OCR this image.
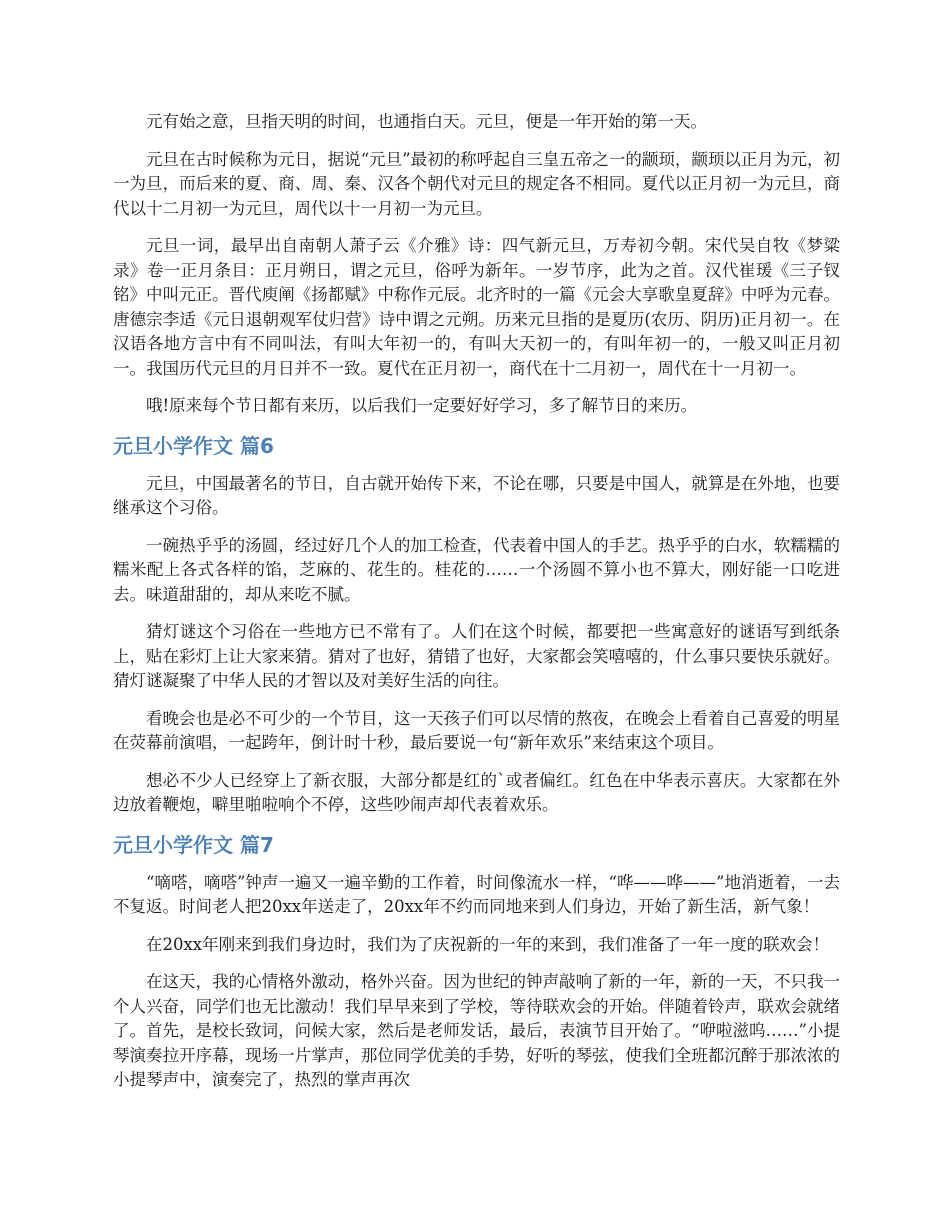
元有始之意，旦指天明的时间，也通指白天。元旦，便是一年开始的第一天。

元旦在古时候称为元日，据说“元旦”最初的称呼起自三皇五帝之一的颛顼，颛顼以正月为元，初一为旦，而后来的夏、商、周、秦、汉各个朝代对元旦的规定各不相同。夏代以正月初一为元旦，商代以十二月初一为元旦，周代以十一月初一为元旦。

元旦一词，最早出自南朝人萧子云《介雅》诗：四气新元旦，万寿初今朝。宋代吴自牧《梦粱录》卷一正月条目：正月朔日，谓之元旦，俗呼为新年。一岁节序，此为之首。汉代崔瑗《三子钗铭》中叫元正。晋代庾阐《扬都赋》中称作元辰。北齐时的一篇《元会大享歌皇夏辞》中呼为元春。唐德宗李适《元日退朝观军仗归营》诗中谓之元朔。历来元旦指的是夏历(农历、阴历)正月初一。在汉语各地方言中有不同叫法，有叫大年初一的，有叫大天初一的，有叫年初一的，一般又叫正月初一。我国历代元旦的月日并不一致。夏代在正月初一，商代在十二月初一，周代在十一月初一。

哦!原来每个节日都有来历，以后我们一定要好好学习，多了解节日的来历。

元旦小学作文 篇6

元旦，中国最著名的节日，自古就开始传下来，不论在哪，只要是中国人，就算是在外地，也要继承这个习俗。

一碗热乎乎的汤圆，经过好几个人的加工检查，代表着中国人的手艺。热乎乎的白水，软糯糯的糯米配上各式各样的馅，芝麻的、花生的。桂花的……一个汤圆不算小也不算大，刚好能一口吃进去。味道甜甜的，却从来吃不腻。

猜灯谜这个习俗在一些地方已不常有了。人们在这个时候，都要把一些寓意好的谜语写到纸条上，贴在彩灯上让大家来猜。猜对了也好，猜错了也好，大家都会笑嘻嘻的，什么事只要快乐就好。猜灯谜凝聚了中华人民的才智以及对美好生活的向往。

看晚会也是必不可少的一个节目，这一天孩子们可以尽情的熬夜，在晚会上看着自己喜爱的明星在荧幕前演唱，一起跨年，倒计时十秒，最后要说一句“新年欢乐”来结束这个项目。

想必不少人已经穿上了新衣服，大部分都是红的`或者偏红。红色在中华表示喜庆。大家都在外边放着鞭炮，噼里啪啦响个不停，这些吵闹声却代表着欢乐。

元旦小学作文 篇7

“嘀嗒，嘀嗒”钟声一遍又一遍辛勤的工作着，时间像流水一样，“哗——哗——”地消逝着，一去不复返。时间老人把20xx年送走了，20xx年不约而同地来到人们身边，开始了新生活，新气象！

在20xx年刚来到我们身边时，我们为了庆祝新的一年的来到，我们准备了一年一度的联欢会！

在这天，我的心情格外激动，格外兴奋。因为世纪的钟声敲响了新的一年，新的一天，不只我一个人兴奋，同学们也无比激动！我们早早来到了学校，等待联欢会的开始。伴随着铃声，联欢会就绪了。首先，是校长致词，问候大家，然后是老师发话，最后，表演节目开始了。“咿啦滋呜……”小提琴演奏拉开序幕，现场一片掌声，那位同学优美的手势，好听的琴弦，使我们全班都沉醉于那浓浓的小提琴声中，演奏完了，热烈的掌声再次
